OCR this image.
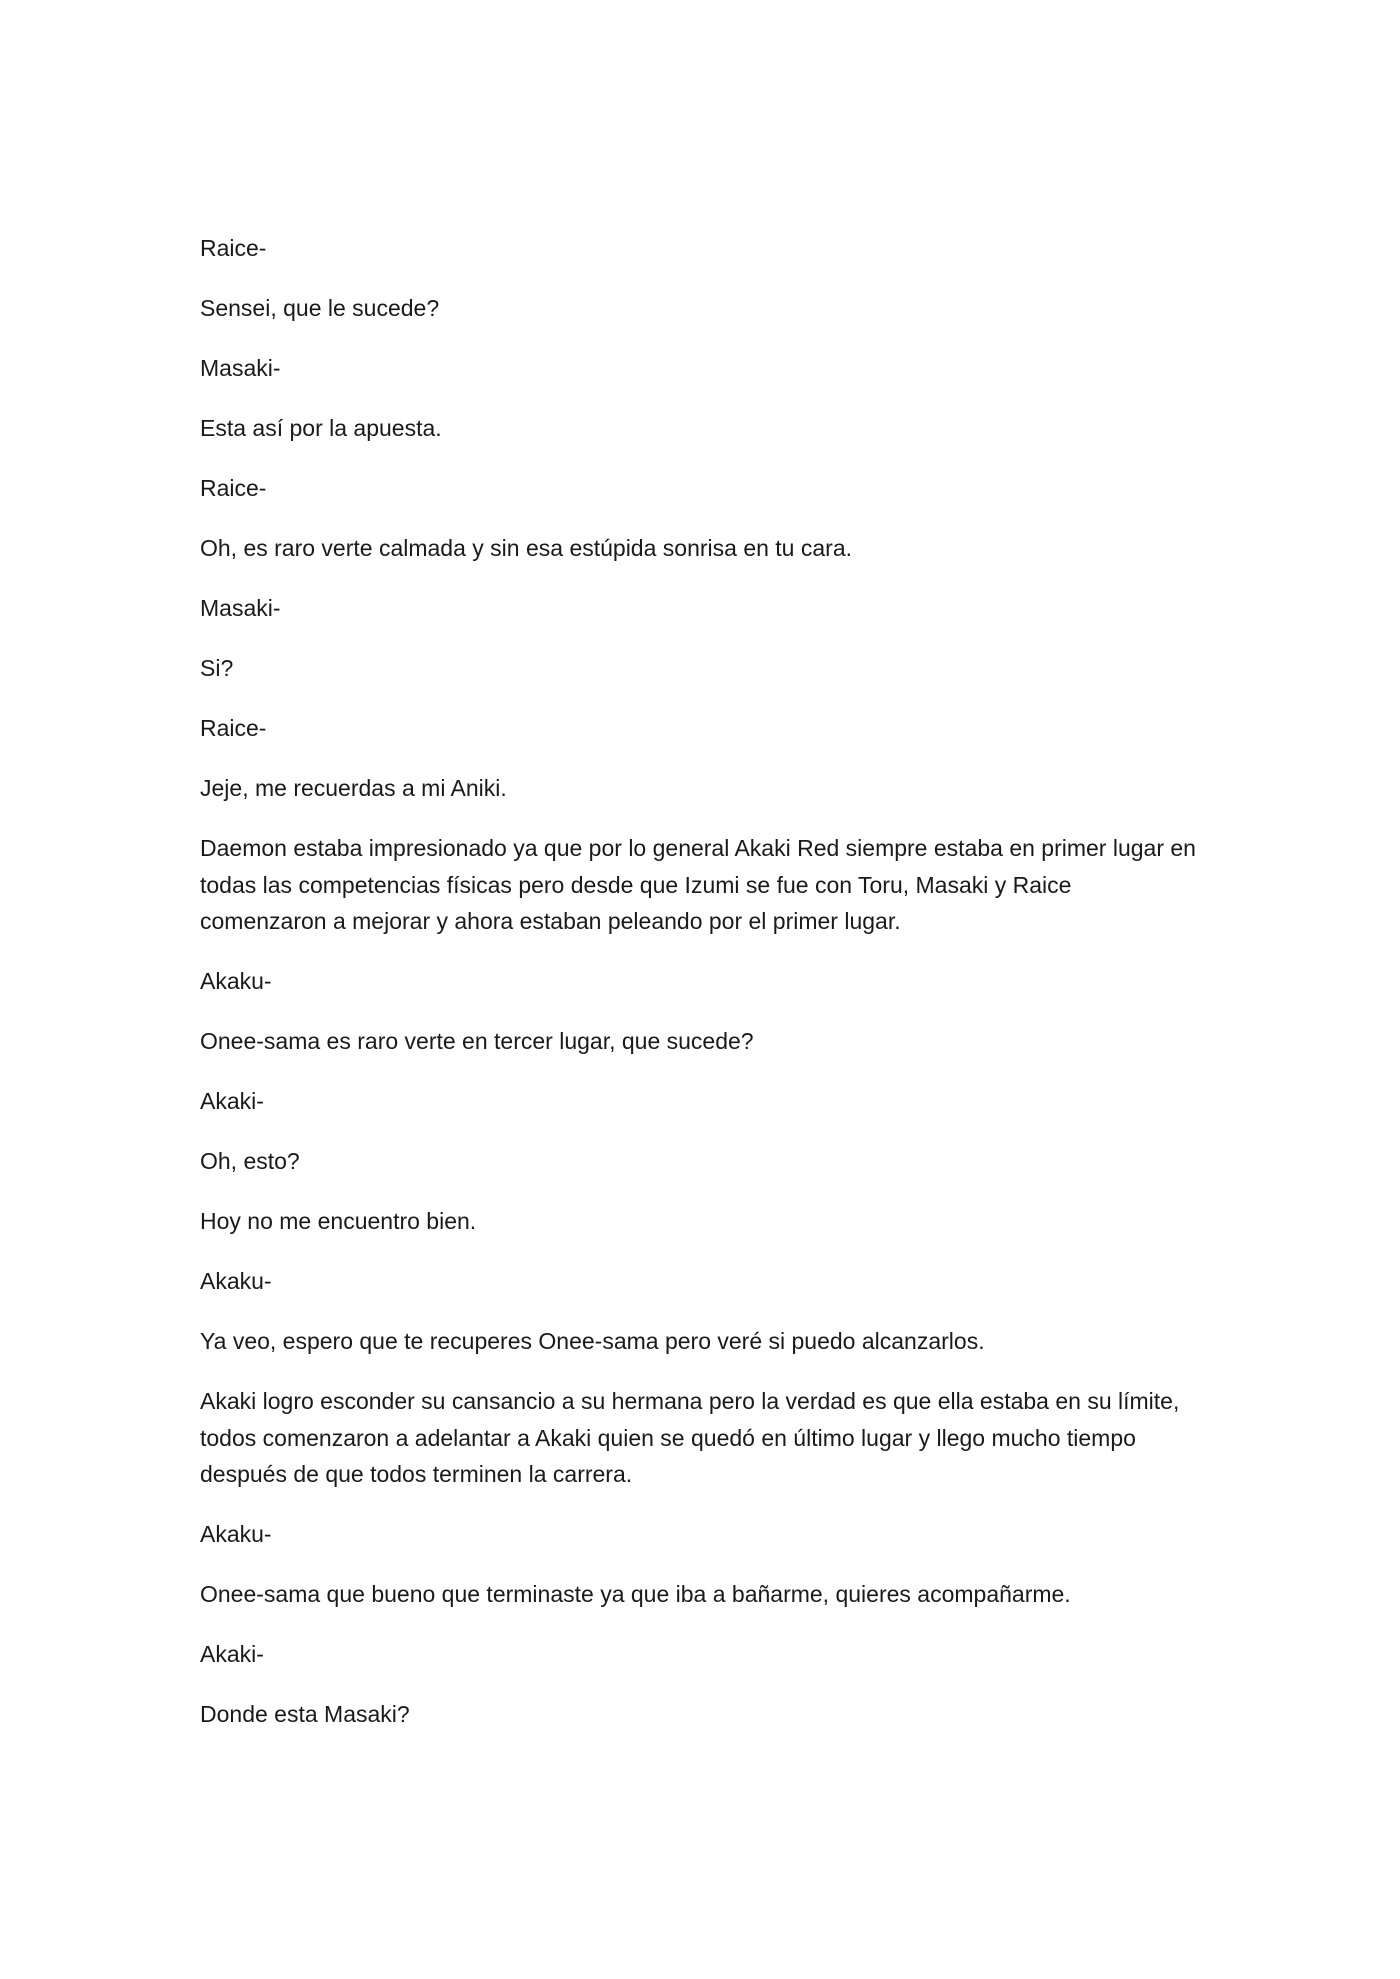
Raice-

Sensei, que le sucede?

Masaki-

Esta así por la apuesta.

Raice-

Oh, es raro verte calmada y sin esa estúpida sonrisa en tu cara.

Masaki-

Si?

Raice-

Jeje, me recuerdas a mi Aniki.

Daemon estaba impresionado ya que por lo general Akaki Red siempre estaba en primer lugar en todas las competencias físicas pero desde que Izumi se fue con Toru, Masaki y Raice comenzaron a mejorar y ahora estaban peleando por el primer lugar.

Akaku-

Onee-sama es raro verte en tercer lugar, que sucede?

Akaki-

Oh, esto?

Hoy no me encuentro bien.

Akaku-

Ya veo, espero que te recuperes Onee-sama pero veré si puedo alcanzarlos.

Akaki logro esconder su cansancio a su hermana pero la verdad es que ella estaba en su límite, todos comenzaron a adelantar a Akaki quien se quedó en último lugar y llego mucho tiempo después de que todos terminen la carrera.

Akaku-

Onee-sama que bueno que terminaste ya que iba a bañarme, quieres acompañarme.

Akaki-

Donde esta Masaki?
